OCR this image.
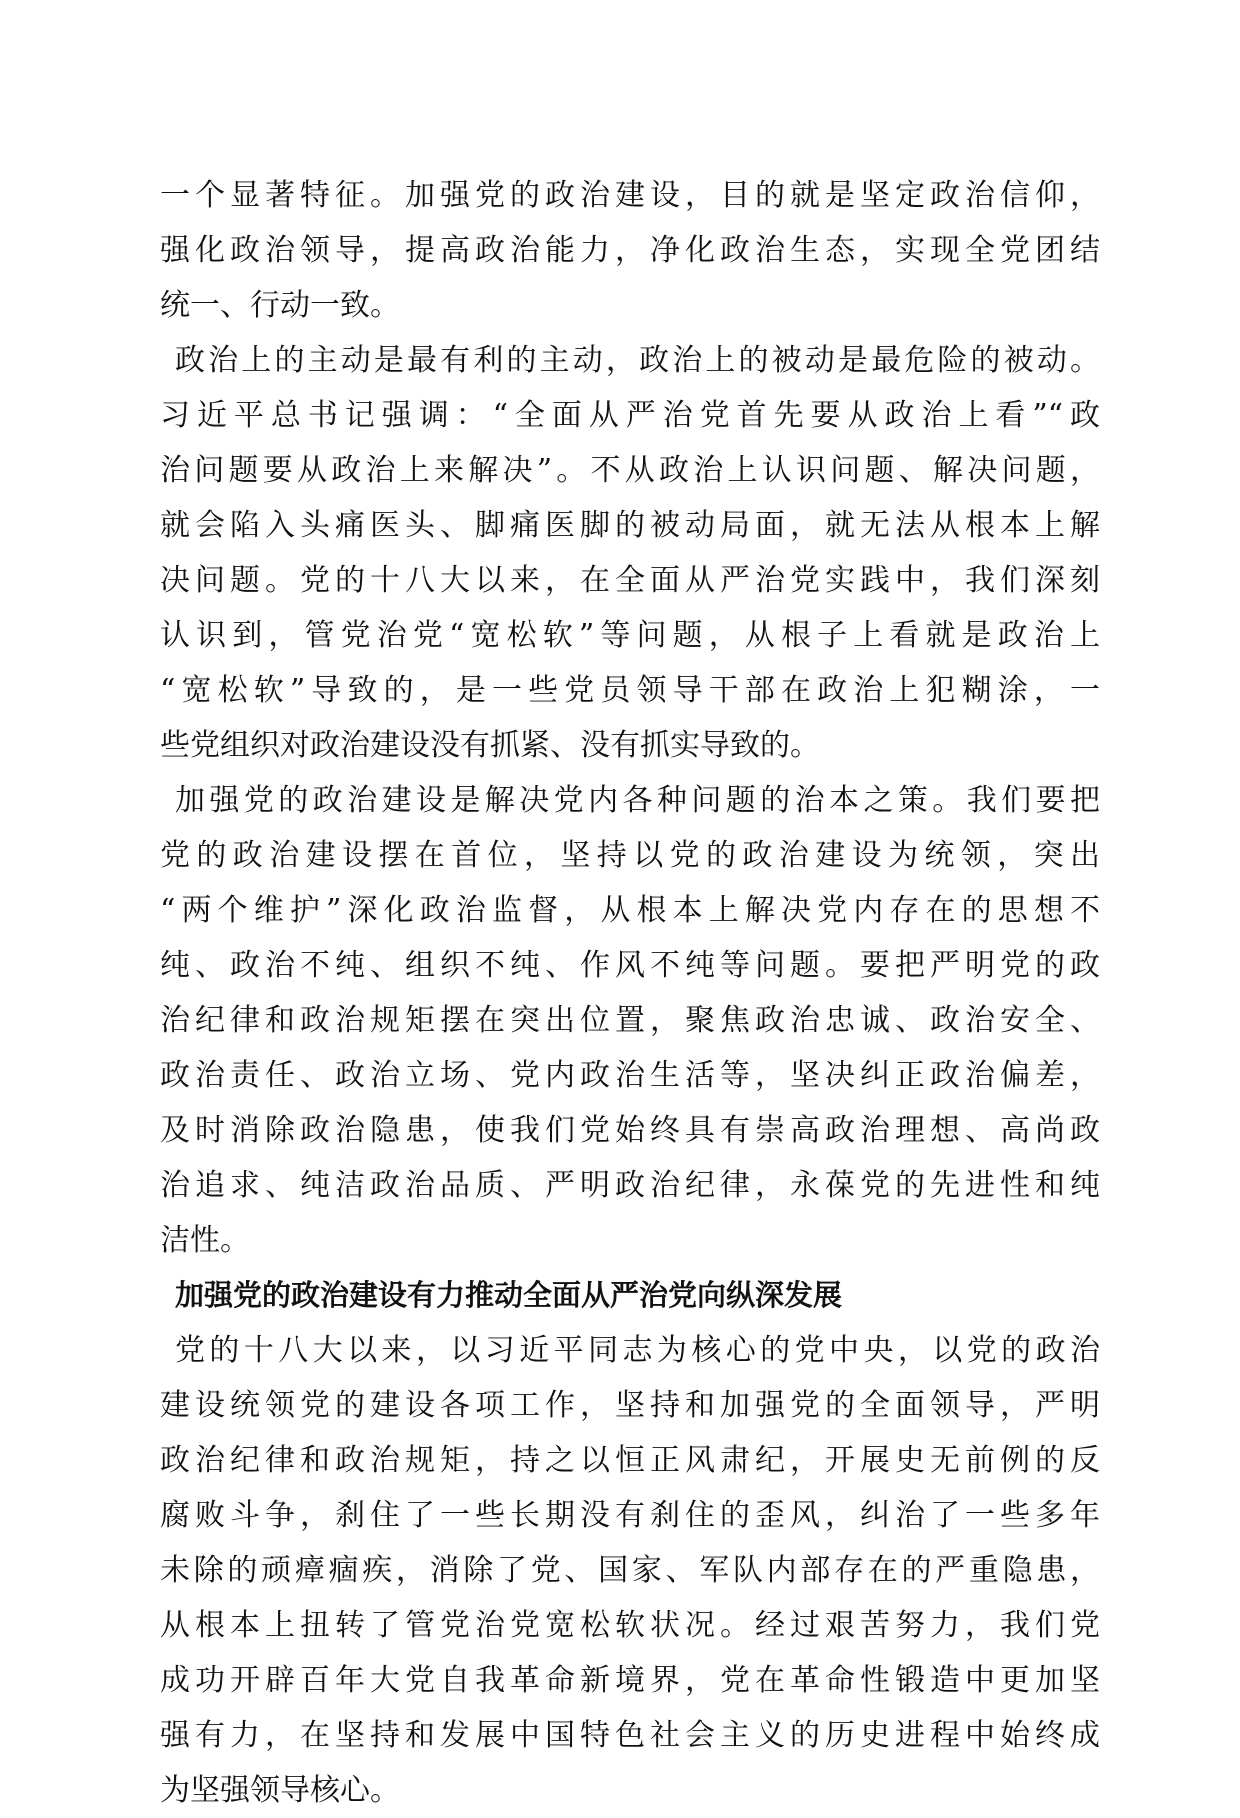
一个显著特征。加强党的政治建设，目的就是坚定政治信仰，
强化政治领导，提高政治能力，净化政治生态，实现全党团结
统一、行动一致。
政治上的主动是最有利的主动，政治上的被动是最危险的被动。
习近平总书记强调：“全面从严治党首先要从政治上看”“政
治问题要从政治上来解决”。不从政治上认识问题、解决问题，
就会陷入头痛医头、脚痛医脚的被动局面，就无法从根本上解
决问题。党的十八大以来，在全面从严治党实践中，我们深刻
认识到，管党治党“宽松软”等问题，从根子上看就是政治上
“宽松软”导致的，是一些党员领导干部在政治上犯糊涂，一
些党组织对政治建设没有抓紧、没有抓实导致的。
加强党的政治建设是解决党内各种问题的治本之策。我们要把
党的政治建设摆在首位，坚持以党的政治建设为统领，突出
“两个维护”深化政治监督，从根本上解决党内存在的思想不
纯、政治不纯、组织不纯、作风不纯等问题。要把严明党的政
治纪律和政治规矩摆在突出位置，聚焦政治忠诚、政治安全、
政治责任、政治立场、党内政治生活等，坚决纠正政治偏差，
及时消除政治隐患，使我们党始终具有崇高政治理想、高尚政
治追求、纯洁政治品质、严明政治纪律，永葆党的先进性和纯
洁性。
加强党的政治建设有力推动全面从严治党向纵深发展
党的十八大以来，以习近平同志为核心的党中央，以党的政治
建设统领党的建设各项工作，坚持和加强党的全面领导，严明
政治纪律和政治规矩，持之以恒正风肃纪，开展史无前例的反
腐败斗争，刹住了一些长期没有刹住的歪风，纠治了一些多年
未除的顽瘴痼疾，消除了党、国家、军队内部存在的严重隐患，
从根本上扭转了管党治党宽松软状况。经过艰苦努力，我们党
成功开辟百年大党自我革命新境界，党在革命性锻造中更加坚
强有力，在坚持和发展中国特色社会主义的历史进程中始终成
为坚强领导核心。
